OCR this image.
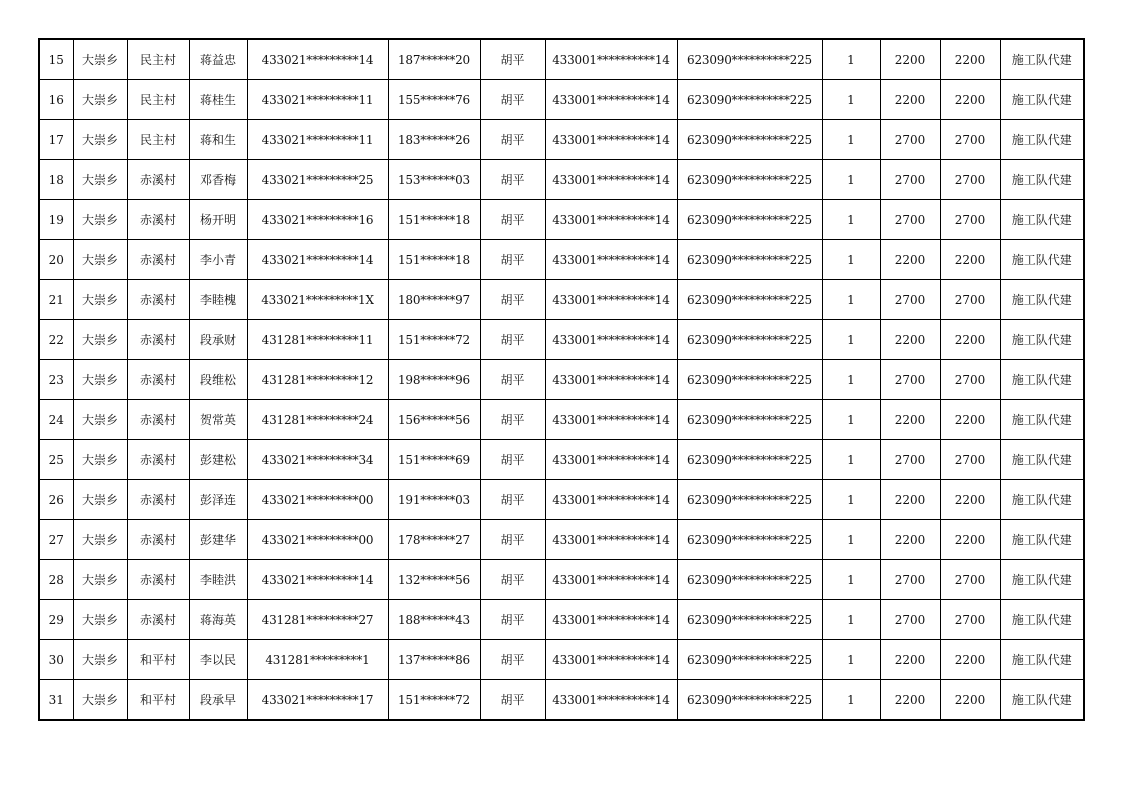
15	大崇乡	民主村	蒋益忠	433021*********14	187******20	胡平	433001**********14	623090**********225	1	2200	2200	施工队代建
16	大崇乡	民主村	蒋桂生	433021*********11	155******76	胡平	433001**********14	623090**********225	1	2200	2200	施工队代建
17	大崇乡	民主村	蒋和生	433021*********11	183******26	胡平	433001**********14	623090**********225	1	2700	2700	施工队代建
18	大崇乡	赤溪村	邓香梅	433021*********25	153******03	胡平	433001**********14	623090**********225	1	2700	2700	施工队代建
19	大崇乡	赤溪村	杨开明	433021*********16	151******18	胡平	433001**********14	623090**********225	1	2700	2700	施工队代建
20	大崇乡	赤溪村	李小青	433021*********14	151******18	胡平	433001**********14	623090**********225	1	2200	2200	施工队代建
21	大崇乡	赤溪村	李睦槐	433021*********1X	180******97	胡平	433001**********14	623090**********225	1	2700	2700	施工队代建
22	大崇乡	赤溪村	段承财	431281*********11	151******72	胡平	433001**********14	623090**********225	1	2200	2200	施工队代建
23	大崇乡	赤溪村	段维松	431281*********12	198******96	胡平	433001**********14	623090**********225	1	2700	2700	施工队代建
24	大崇乡	赤溪村	贺常英	431281*********24	156******56	胡平	433001**********14	623090**********225	1	2200	2200	施工队代建
25	大崇乡	赤溪村	彭建松	433021*********34	151******69	胡平	433001**********14	623090**********225	1	2700	2700	施工队代建
26	大崇乡	赤溪村	彭泽连	433021*********00	191******03	胡平	433001**********14	623090**********225	1	2200	2200	施工队代建
27	大崇乡	赤溪村	彭建华	433021*********00	178******27	胡平	433001**********14	623090**********225	1	2200	2200	施工队代建
28	大崇乡	赤溪村	李睦洪	433021*********14	132******56	胡平	433001**********14	623090**********225	1	2700	2700	施工队代建
29	大崇乡	赤溪村	蒋海英	431281*********27	188******43	胡平	433001**********14	623090**********225	1	2700	2700	施工队代建
30	大崇乡	和平村	李以民	431281*********1	137******86	胡平	433001**********14	623090**********225	1	2200	2200	施工队代建
31	大崇乡	和平村	段承早	433021*********17	151******72	胡平	433001**********14	623090**********225	1	2200	2200	施工队代建
